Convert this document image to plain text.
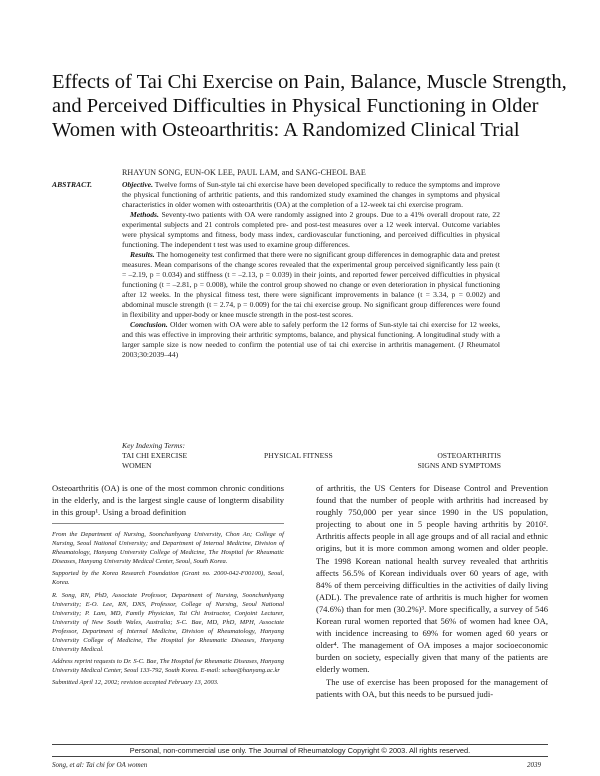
Effects of Tai Chi Exercise on Pain, Balance, Muscle Strength, and Perceived Difficulties in Physical Functioning in Older Women with Osteoarthritis: A Randomized Clinical Trial
RHAYUN SONG, EUN-OK LEE, PAUL LAM, and SANG-CHEOL BAE
ABSTRACT.	Objective. Twelve forms of Sun-style tai chi exercise have been developed specifically to reduce the symptoms and improve the physical functioning of arthritic patients, and this randomized study examined the changes in symptoms and physical characteristics in older women with osteoarthritis (OA) at the completion of a 12-week tai chi exercise program.

Methods. Seventy-two patients with OA were randomly assigned into 2 groups. Due to a 41% overall dropout rate, 22 experimental subjects and 21 controls completed pre- and post-test measures over a 12 week interval. Outcome variables were physical symptoms and fitness, body mass index, cardiovascular functioning, and perceived difficulties in physical functioning. The independent t test was used to examine group differences.

Results. The homogeneity test confirmed that there were no significant group differences in demographic data and pretest measures. Mean comparisons of the change scores revealed that the experimental group perceived significantly less pain (t = –2.19, p = 0.034) and stiffness (t = –2.13, p = 0.039) in their joints, and reported fewer perceived difficulties in physical functioning (t = –2.81, p = 0.008), while the control group showed no change or even deterioration in physical functioning after 12 weeks. In the physical fitness test, there were significant improvements in balance (t = 3.34, p = 0.002) and abdominal muscle strength (t = 2.74, p = 0.009) for the tai chi exercise group. No significant group differences were found in flexibility and upper-body or knee muscle strength in the post-test scores.

Conclusion. Older women with OA were able to safely perform the 12 forms of Sun-style tai chi exercise for 12 weeks, and this was effective in improving their arthritic symptoms, balance, and physical functioning. A longitudinal study with a larger sample size is now needed to confirm the potential use of tai chi exercise in arthritis management. (J Rheumatol 2003;30:2039–44)

Key Indexing Terms:
TAI CHI EXERCISE
WOMEN
PHYSICAL FITNESS	OSTEOARTHRITIS
SIGNS AND SYMPTOMS
Osteoarthritis (OA) is one of the most common chronic conditions in the elderly, and is the largest single cause of longterm disability in this group¹. Using a broad definition

From the Department of Nursing, Soonchunhyang University, Chon An; College of Nursing, Seoul National University; and Department of Internal Medicine, Division of Rheumatology, Hanyang University College of Medicine, The Hospital for Rheumatic Diseases, Hanyang University Medical Center, Seoul, South Korea.

Supported by the Korea Research Foundation (Grant no. 2000-042-F00100), Seoul, Korea.

R. Song, RN, PhD, Associate Professor, Department of Nursing, Soonchunhyang University; E-O. Lee, RN, DNS, Professor, College of Nursing, Seoul National University; P. Lam, MD, Family Physician, Tai Chi Instructor, Conjoint Lecturer, University of New South Wales, Australia; S-C. Bae, MD, PhD, MPH, Associate Professor, Department of Internal Medicine, Division of Rheumatology, Hanyang University College of Medicine, The Hospital for Rheumatic Diseases, Hanyang University Medical.

Address reprint requests to Dr. S-C. Bae, The Hospital for Rheumatic Diseases, Hanyang University Medical Center, Seoul 133-792, South Korea. E-mail: scbae@hanyang.ac.kr

Submitted April 12, 2002; revision accepted February 13, 2003.

of arthritis, the US Centers for Disease Control and Prevention found that the number of people with arthritis had increased by roughly 750,000 per year since 1990 in the US population, projecting to about one in 5 people having arthritis by 2010². Arthritis affects people in all age groups and of all racial and ethnic origins, but it is more common among women and older people. The 1998 Korean national health survey revealed that arthritis affects 56.5% of Korean individuals over 60 years of age, with 84% of them perceiving difficulties in the activities of daily living (ADL). The prevalence rate of arthritis is much higher for women (74.6%) than for men (30.2%)³. More specifically, a survey of 546 Korean rural women reported that 56% of women had knee OA, with incidence increasing to 69% for women aged 60 years or older⁴. The management of OA imposes a major socioeconomic burden on society, especially given that many of the patients are elderly women.

The use of exercise has been proposed for the management of patients with OA, but this needs to be pursued judi-

Personal, non-commercial use only. The Journal of Rheumatology Copyright © 2003. All rights reserved.
Song, et al: Tai chi for OA women	2039
